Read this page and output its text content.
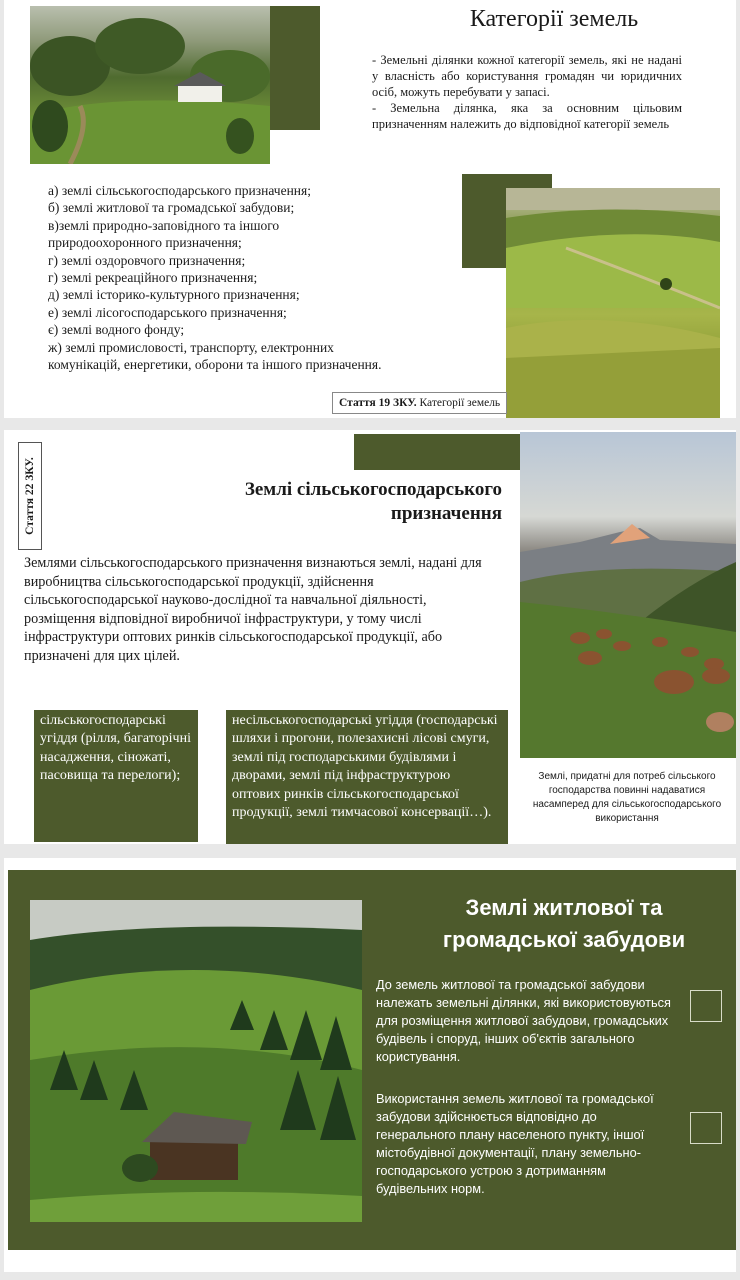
Категорії земель

- Земельні ділянки кожної категорії земель, які не надані у власність або користування громадян чи юридичних осіб, можуть перебувати у запасі.

- Земельна ділянка, яка за основним цільовим призначенням належить до відповідної категорії земель

а) землі сільськогосподарського призначення;
б) землі житлової та громадської забудови;
в)землі природно-заповідного та іншого природоохоронного призначення;
г) землі оздоровчого призначення;
г) землі рекреаційного призначення;
д) землі історико-культурного призначення;
е) землі лісогосподарського призначення;
є) землі водного фонду;
ж) землі промисловості, транспорту, електронних комунікацій, енергетики, оборони та іншого призначення.
Стаття 19 ЗКУ. Категорії земель
Стаття 22 ЗКУ.	Землі сільськогосподарського призначення
Землями сільськогосподарського призначення визнаються землі, надані для виробництва сільськогосподарської продукції, здійснення сільськогосподарської науково-дослідної та навчальної діяльності, розміщення відповідної виробничої інфраструктури, у тому числі інфраструктури оптових ринків сільськогосподарської продукції, або призначені для цих цілей.
Землі, придатні для потреб сільського господарства повинні надаватися насамперед для сільськогосподарського використання
сільськогосподарські угіддя (рілля, багаторічні насадження, сіножаті, пасовища та перелоги);
несільськогосподарські угіддя (господарські шляхи і прогони, полезахисні лісові смуги, землі під господарськими будівлями і дворами, землі під інфраструктурою оптових ринків сільськогосподарської продукції, землі тимчасової консервації…).
Землі житлової та громадської забудови
До земель житлової та громадської забудови належать земельні ділянки, які використовуються для розміщення житлової забудови, громадських будівель і споруд, інших об'єктів загального користування.
Використання земель житлової та громадської забудови здійснюється відповідно до генерального плану населеного пункту, іншої містобудівної документації, плану земельно-господарського устрою з дотриманням будівельних норм.
